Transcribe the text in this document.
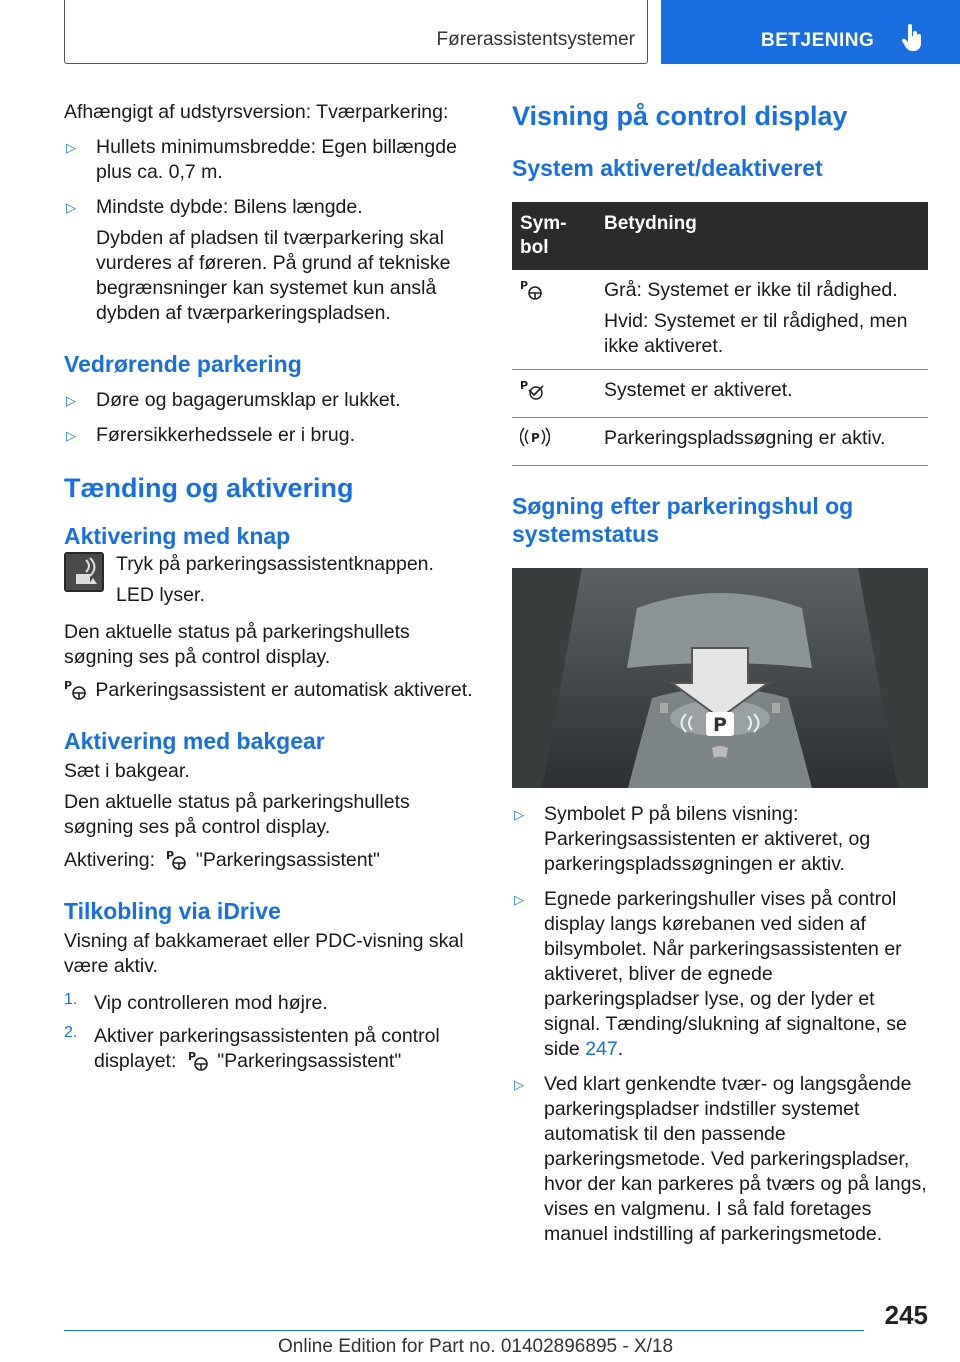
Førerassistentsystemer	BETJENING

Afhængigt af udstyrsversion: Tværparkering:

▷	Hullets minimumsbredde: Egen billængde plus ca. 0,7 m.

▷	Mindste dybde: Bilens længde.

Dybden af pladsen til tværparkering skal vurderes af føreren. På grund af tekniske begrænsninger kan systemet kun anslå dybden af tværparkeringspladsen.

Vedrørende parkering
▷	Døre og bagagerumsklap er lukket.

▷	Førersikkerhedssele er i brug.

Tænding og aktivering
Aktivering med knap

Tryk på parkeringsassistentknappen.

LED lyser.

Den aktuelle status på parkeringshullets søgning ses på control display.

P Parkeringsassistent er automatisk aktiveret.

Aktivering med bakgear

Sæt i bakgear.

Den aktuelle status på parkeringshullets søgning ses på control display.

Aktivering: P "Parkeringsassistent"

Tilkobling via iDrive

Visning af bakkameraet eller PDC-visning skal være aktiv.

1. Vip controlleren mod højre.

2. Aktiver parkeringsassistenten på control displayet: P "Parkeringsassistent"

Visning på control display
System aktiveret/deaktiveret
Sym-
bol	Betydning

P	Grå: Systemet er ikke til rådighed.

Hvid: Systemet er til rådighed, men ikke aktiveret.

P	Systemet er aktiveret.

P	Parkeringspladssøgning er aktiv.

Søgning efter parkeringshul og systemstatus
P
▷	Symbolet P på bilens visning: Parkeringsassistenten er aktiveret, og parkeringspladssøgningen er aktiv.

▷	Egnede parkeringshuller vises på control display langs kørebanen ved siden af bilsymbolet. Når parkeringsassistenten er aktiveret, bliver de egnede parkeringspladser lyse, og der lyder et signal. Tænding/slukning af signaltone, se side 247.

▷	Ved klart genkendte tvær- og langsgående parkeringspladser indstiller systemet automatisk til den passende parkeringsmetode. Ved parkeringspladser, hvor der kan parkeres på tværs og på langs, vises en valgmenu. I så fald foretages manuel indstilling af parkeringsmetode.

245
Online Edition for Part no. 01402896895 - X/18
